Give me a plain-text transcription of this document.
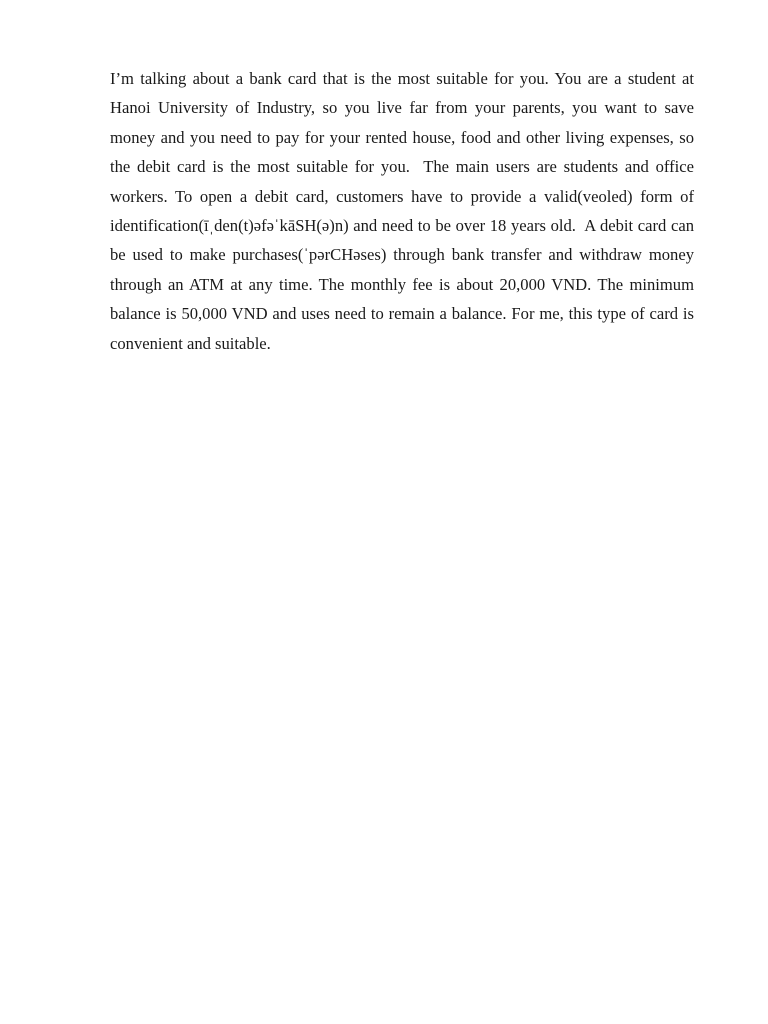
I’m talking about a bank card that is the most suitable for you. You are a student at Hanoi University of Industry, so you live far from your parents, you want to save money and you need to pay for your rented house, food and other living expenses, so the debit card is the most suitable for you.  The main users are students and office workers. To open a debit card, customers have to provide a valid(veoled) form of identification(īˌden(t)əfəˈkāSH(ə)n) and need to be over 18 years old.  A debit card can be used to make purchases(ˈpərCHəses) through bank transfer and withdraw money through an ATM at any time. The monthly fee is about 20,000 VND. The minimum balance is 50,000 VND and uses need to remain a balance. For me, this type of card is convenient and suitable.
